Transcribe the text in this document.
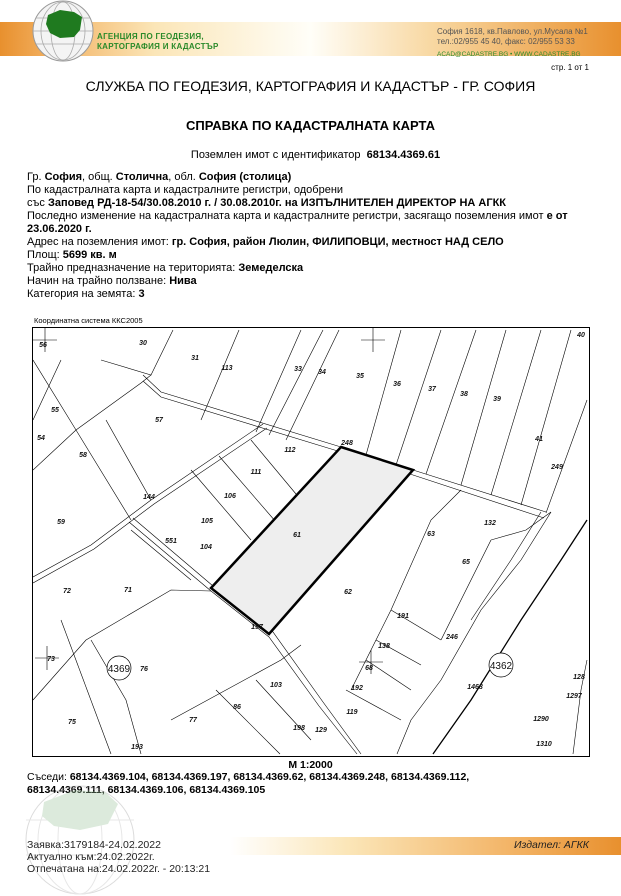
АГЕНЦИЯ ПО ГЕОДЕЗИЯ,
КАРТОГРАФИЯ И КАДАСТЪР
София 1618, кв.Павлово, ул.Мусала №1
тел.:02/955 45 40, факс: 02/955 53 33
ACAD@CADASTRE.BG • WWW.CADASTRE.BG
стр. 1 от 1
СЛУЖБА ПО ГЕОДЕЗИЯ, КАРТОГРАФИЯ И КАДАСТЪР - ГР. СОФИЯ
СПРАВКА ПО КАДАСТРАЛНАТА КАРТА
Поземлен имот с идентификатор 68134.4369.61
Гр. София, общ. Столична, обл. София (столица)
По кадастралната карта и кадастралните регистри, одобрени
със Заповед РД-18-54/30.08.2010 г. / 30.08.2010г. на ИЗПЪЛНИТЕЛЕН ДИРЕКТОР НА АГКК
Последно изменение на кадастралната карта и кадастралните регистри, засягащо поземления имот е от
23.06.2020 г.
Адрес на поземления имот: гр. София, район Люлин, ФИЛИПОВЦИ, местност НАД СЕЛО
Площ: 5699 кв. м
Трайно предназначение на територията: Земеделска
Начин на трайно ползване: Нива
Категория на земята: 3
Координатна система ККС2005
56	30
31
113	33 34
35
36
37
38
39
40
55
57
54
58
112
248
41
249
111
106
144
59	105	132
61	63
551
104
65
72	71	62
191
246
197
138
73
76	68
1468
103	192
86
77
119
198 129
75
193
1290
1310
1297
128
4369	4362
М 1:2000
Съседи: 68134.4369.104, 68134.4369.197, 68134.4369.62, 68134.4369.248, 68134.4369.112,
68134.4369.111, 68134.4369.106, 68134.4369.105
Заявка:3179184-24.02.2022
Актуално към:24.02.2022г.
Отпечатана на:24.02.2022г. - 20:13:21
Издател: АГКК
